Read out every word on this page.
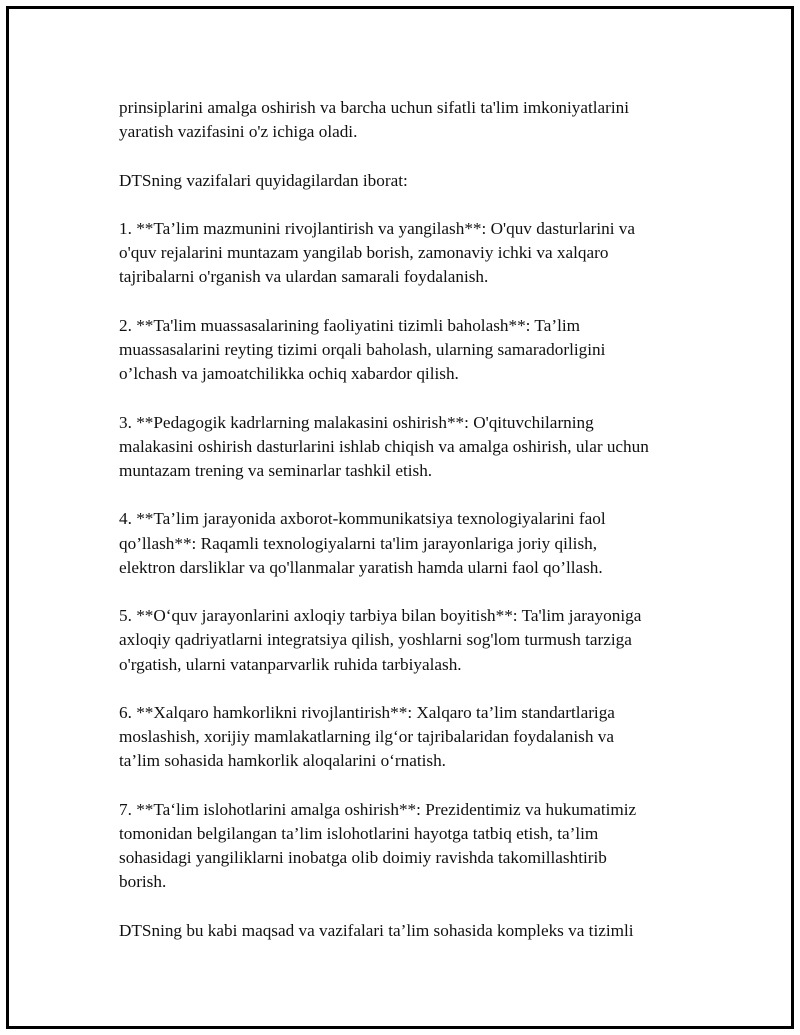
prinsiplarini amalga oshirish va barcha uchun sifatli ta'lim imkoniyatlarini
yaratish vazifasini o'z ichiga oladi.

DTSning vazifalari quyidagilardan iborat:

1. **Ta’lim mazmunini rivojlantirish va yangilash**: O'quv dasturlarini va
o'quv rejalarini muntazam yangilab borish, zamonaviy ichki va xalqaro
tajribalarni o'rganish va ulardan samarali foydalanish.

2. **Ta'lim muassasalarining faoliyatini tizimli baholash**: Ta’lim
muassasalarini reyting tizimi orqali baholash, ularning samaradorligini
o’lchash va jamoatchilikka ochiq xabardor qilish.

3. **Pedagogik kadrlarning malakasini oshirish**: O'qituvchilarning
malakasini oshirish dasturlarini ishlab chiqish va amalga oshirish, ular uchun
muntazam trening va seminarlar tashkil etish.

4. **Ta’lim jarayonida axborot-kommunikatsiya texnologiyalarini faol
qo’llash**: Raqamli texnologiyalarni ta'lim jarayonlariga joriy qilish,
elektron darsliklar va qo'llanmalar yaratish hamda ularni faol qo’llash.

5. **O‘quv jarayonlarini axloqiy tarbiya bilan boyitish**: Ta'lim jarayoniga
axloqiy qadriyatlarni integratsiya qilish, yoshlarni sog'lom turmush tarziga
o'rgatish, ularni vatanparvarlik ruhida tarbiyalash.

6. **Xalqaro hamkorlikni rivojlantirish**: Xalqaro ta’lim standartlariga
moslashish, xorijiy mamlakatlarning ilg‘or tajribalaridan foydalanish va
ta’lim sohasida hamkorlik aloqalarini o‘rnatish.

7. **Ta‘lim islohotlarini amalga oshirish**: Prezidentimiz va hukumatimiz
tomonidan belgilangan ta’lim islohotlarini hayotga tatbiq etish, ta’lim
sohasidagi yangiliklarni inobatga olib doimiy ravishda takomillashtirib
borish.

DTSning bu kabi maqsad va vazifalari ta’lim sohasida kompleks va tizimli
